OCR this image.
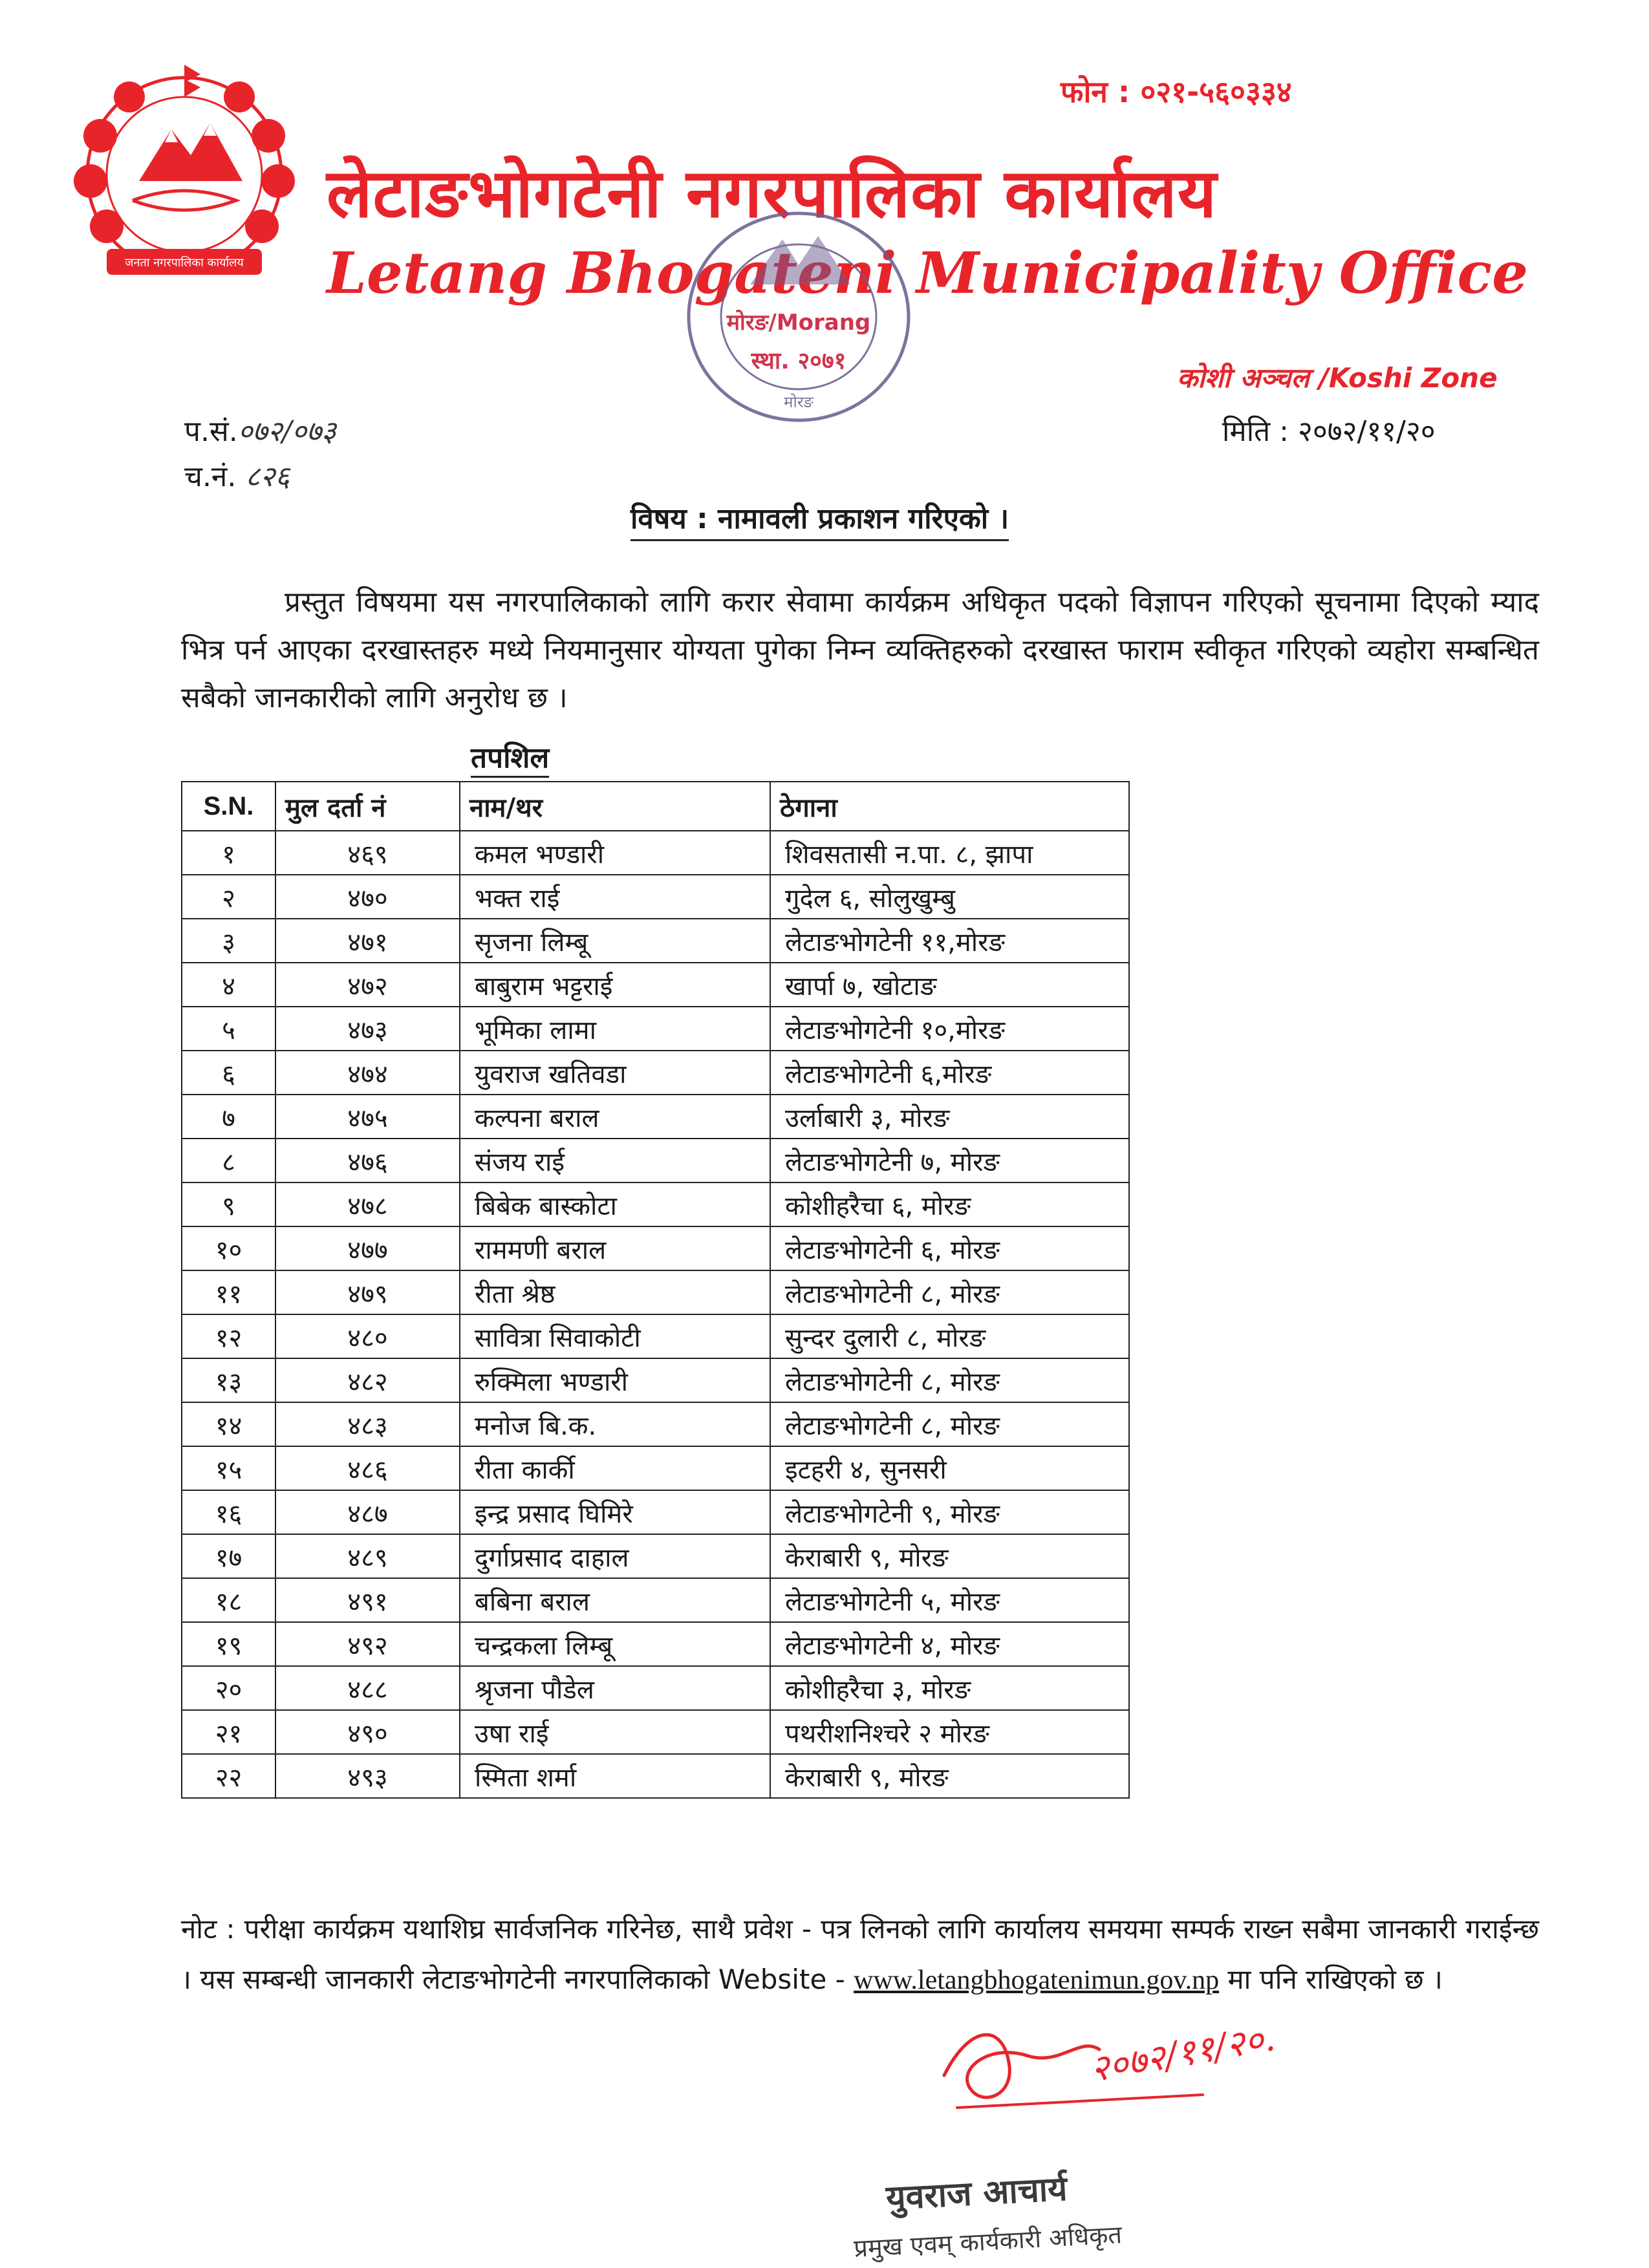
जनता नगरपालिका कार्यालय
फोन : ०२१-५६०३३४
लेटाङभोगटेनी नगरपालिका कार्यालय
Letang Bhogateni Municipality Office
कोशी अञ्चल /Koshi Zone
मोरङ/Morang
स्था. २०७१
मोरङ
प.सं.०७२/०७३
च.नं. ८२६
मिति : २०७२/११/२०
विषय : नामावली प्रकाशन गरिएको ।

प्रस्तुत विषयमा यस नगरपालिकाको लागि करार सेवामा कार्यक्रम अधिकृत पदको विज्ञापन गरिएको सूचनामा दिएको म्याद भित्र पर्न आएका दरखास्तहरु मध्ये नियमानुसार योग्यता पुगेका निम्न व्यक्तिहरुको दरखास्त फाराम स्वीकृत गरिएको व्यहोरा सम्बन्धित सबैको जानकारीको लागि अनुरोध छ ।

तपशिल
S.N.	मुल दर्ता नं	नाम/थर	ठेगाना
१	४६९	कमल भण्डारी	शिवसतासी न.पा. ८, झापा
२	४७०	भक्त राई	गुदेल ६, सोलुखुम्बु
३	४७१	सृजना लिम्बू	लेटाङभोगटेनी ११,मोरङ
४	४७२	बाबुराम भट्टराई	खार्पा ७, खोटाङ
५	४७३	भूमिका लामा	लेटाङभोगटेनी १०,मोरङ
६	४७४	युवराज खतिवडा	लेटाङभोगटेनी ६,मोरङ
७	४७५	कल्पना बराल	उर्लाबारी ३, मोरङ
८	४७६	संजय राई	लेटाङभोगटेनी ७, मोरङ
९	४७८	बिबेक बास्कोटा	कोशीहरैचा ६, मोरङ
१०	४७७	राममणी बराल	लेटाङभोगटेनी ६, मोरङ
११	४७९	रीता श्रेष्ठ	लेटाङभोगटेनी ८, मोरङ
१२	४८०	सावित्रा सिवाकोटी	सुन्दर दुलारी ८, मोरङ
१३	४८२	रुक्मिला भण्डारी	लेटाङभोगटेनी ८, मोरङ
१४	४८३	मनोज बि.क.	लेटाङभोगटेनी ८, मोरङ
१५	४८६	रीता कार्की	इटहरी ४, सुनसरी
१६	४८७	इन्द्र प्रसाद घिमिरे	लेटाङभोगटेनी ९, मोरङ
१७	४८९	दुर्गाप्रसाद दाहाल	केराबारी ९, मोरङ
१८	४९१	बबिना बराल	लेटाङभोगटेनी ५, मोरङ
१९	४९२	चन्द्रकला लिम्बू	लेटाङभोगटेनी ४, मोरङ
२०	४८८	श्रृजना पौडेल	कोशीहरैचा ३, मोरङ
२१	४९०	उषा राई	पथरीशनिश्चरे २ मोरङ
२२	४९३	स्मिता शर्मा	केराबारी ९, मोरङ

नोट : परीक्षा कार्यक्रम यथाशिघ्र सार्वजनिक गरिनेछ, साथै प्रवेश - पत्र लिनको लागि कार्यालय समयमा सम्पर्क राख्न सबैमा जानकारी गराईन्छ । यस सम्बन्धी जानकारी लेटाङभोगटेनी नगरपालिकाको Website - www.letangbhogatenimun.gov.np मा पनि राखिएको छ ।

२०७२/११/२०.
युवराज आचार्य
प्रमुख एवम् कार्यकारी अधिकृत
